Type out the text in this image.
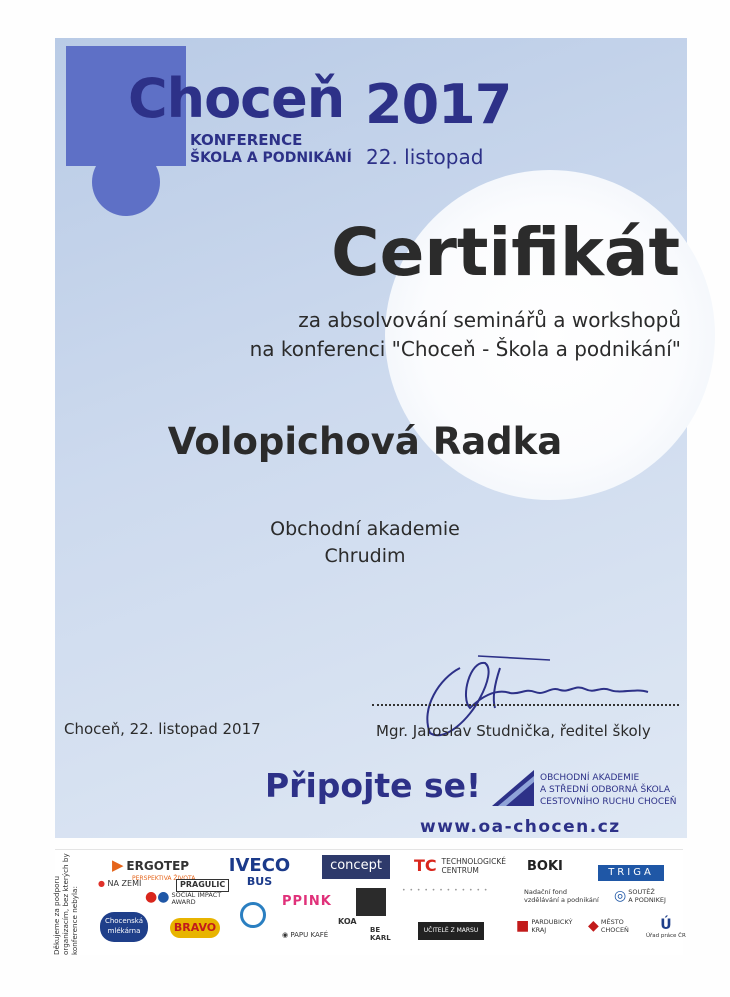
Choceň
KONFERENCE
ŠKOLA A PODNIKÁNÍ
2017
22. listopad
Certifikát
za absolvování seminářů a workshopů
na konferenci "Choceň - Škola a podnikání"
Volopichová Radka
Obchodní akademie
Chrudim
Choceň, 22. listopad 2017	Mgr. Jaroslav Studnička, ředitel školy
Připojte se!	OBCHODNÍ AKADEMIE
A STŘEDNÍ ODBORNÁ ŠKOLA
CESTOVNÍHO RUCHU CHOCEŇ
www.oa-chocen.cz
Děkujeme za podporu organizacím, bez kterých by konference nebyla:
▶ ERGOTEP
PERSPEKTIVA ŽIVOTA
IVECO
BUS
concept	TC TECHNOLOGICKÉ
CENTRUM	BOKI	TRIGA
● NA ZEMI	PRAGULIC
●● SOCIAL IMPACT
AWARD	PPINK
• • • • • • • • • • • •	Nadační fond
vzdělávání a podnikání ◎ SOUTĚŽ
A PODNIKEJ
Chocenská
mlékárna	BRAVO
◉ PAPU KAFÉ
KOA
BE
KARL
UČITELÉ Z MARSU	■ PARDUBICKÝ
KRAJ	◆ MĚSTO
CHOCEŇ	Ú
Úřad práce ČR
